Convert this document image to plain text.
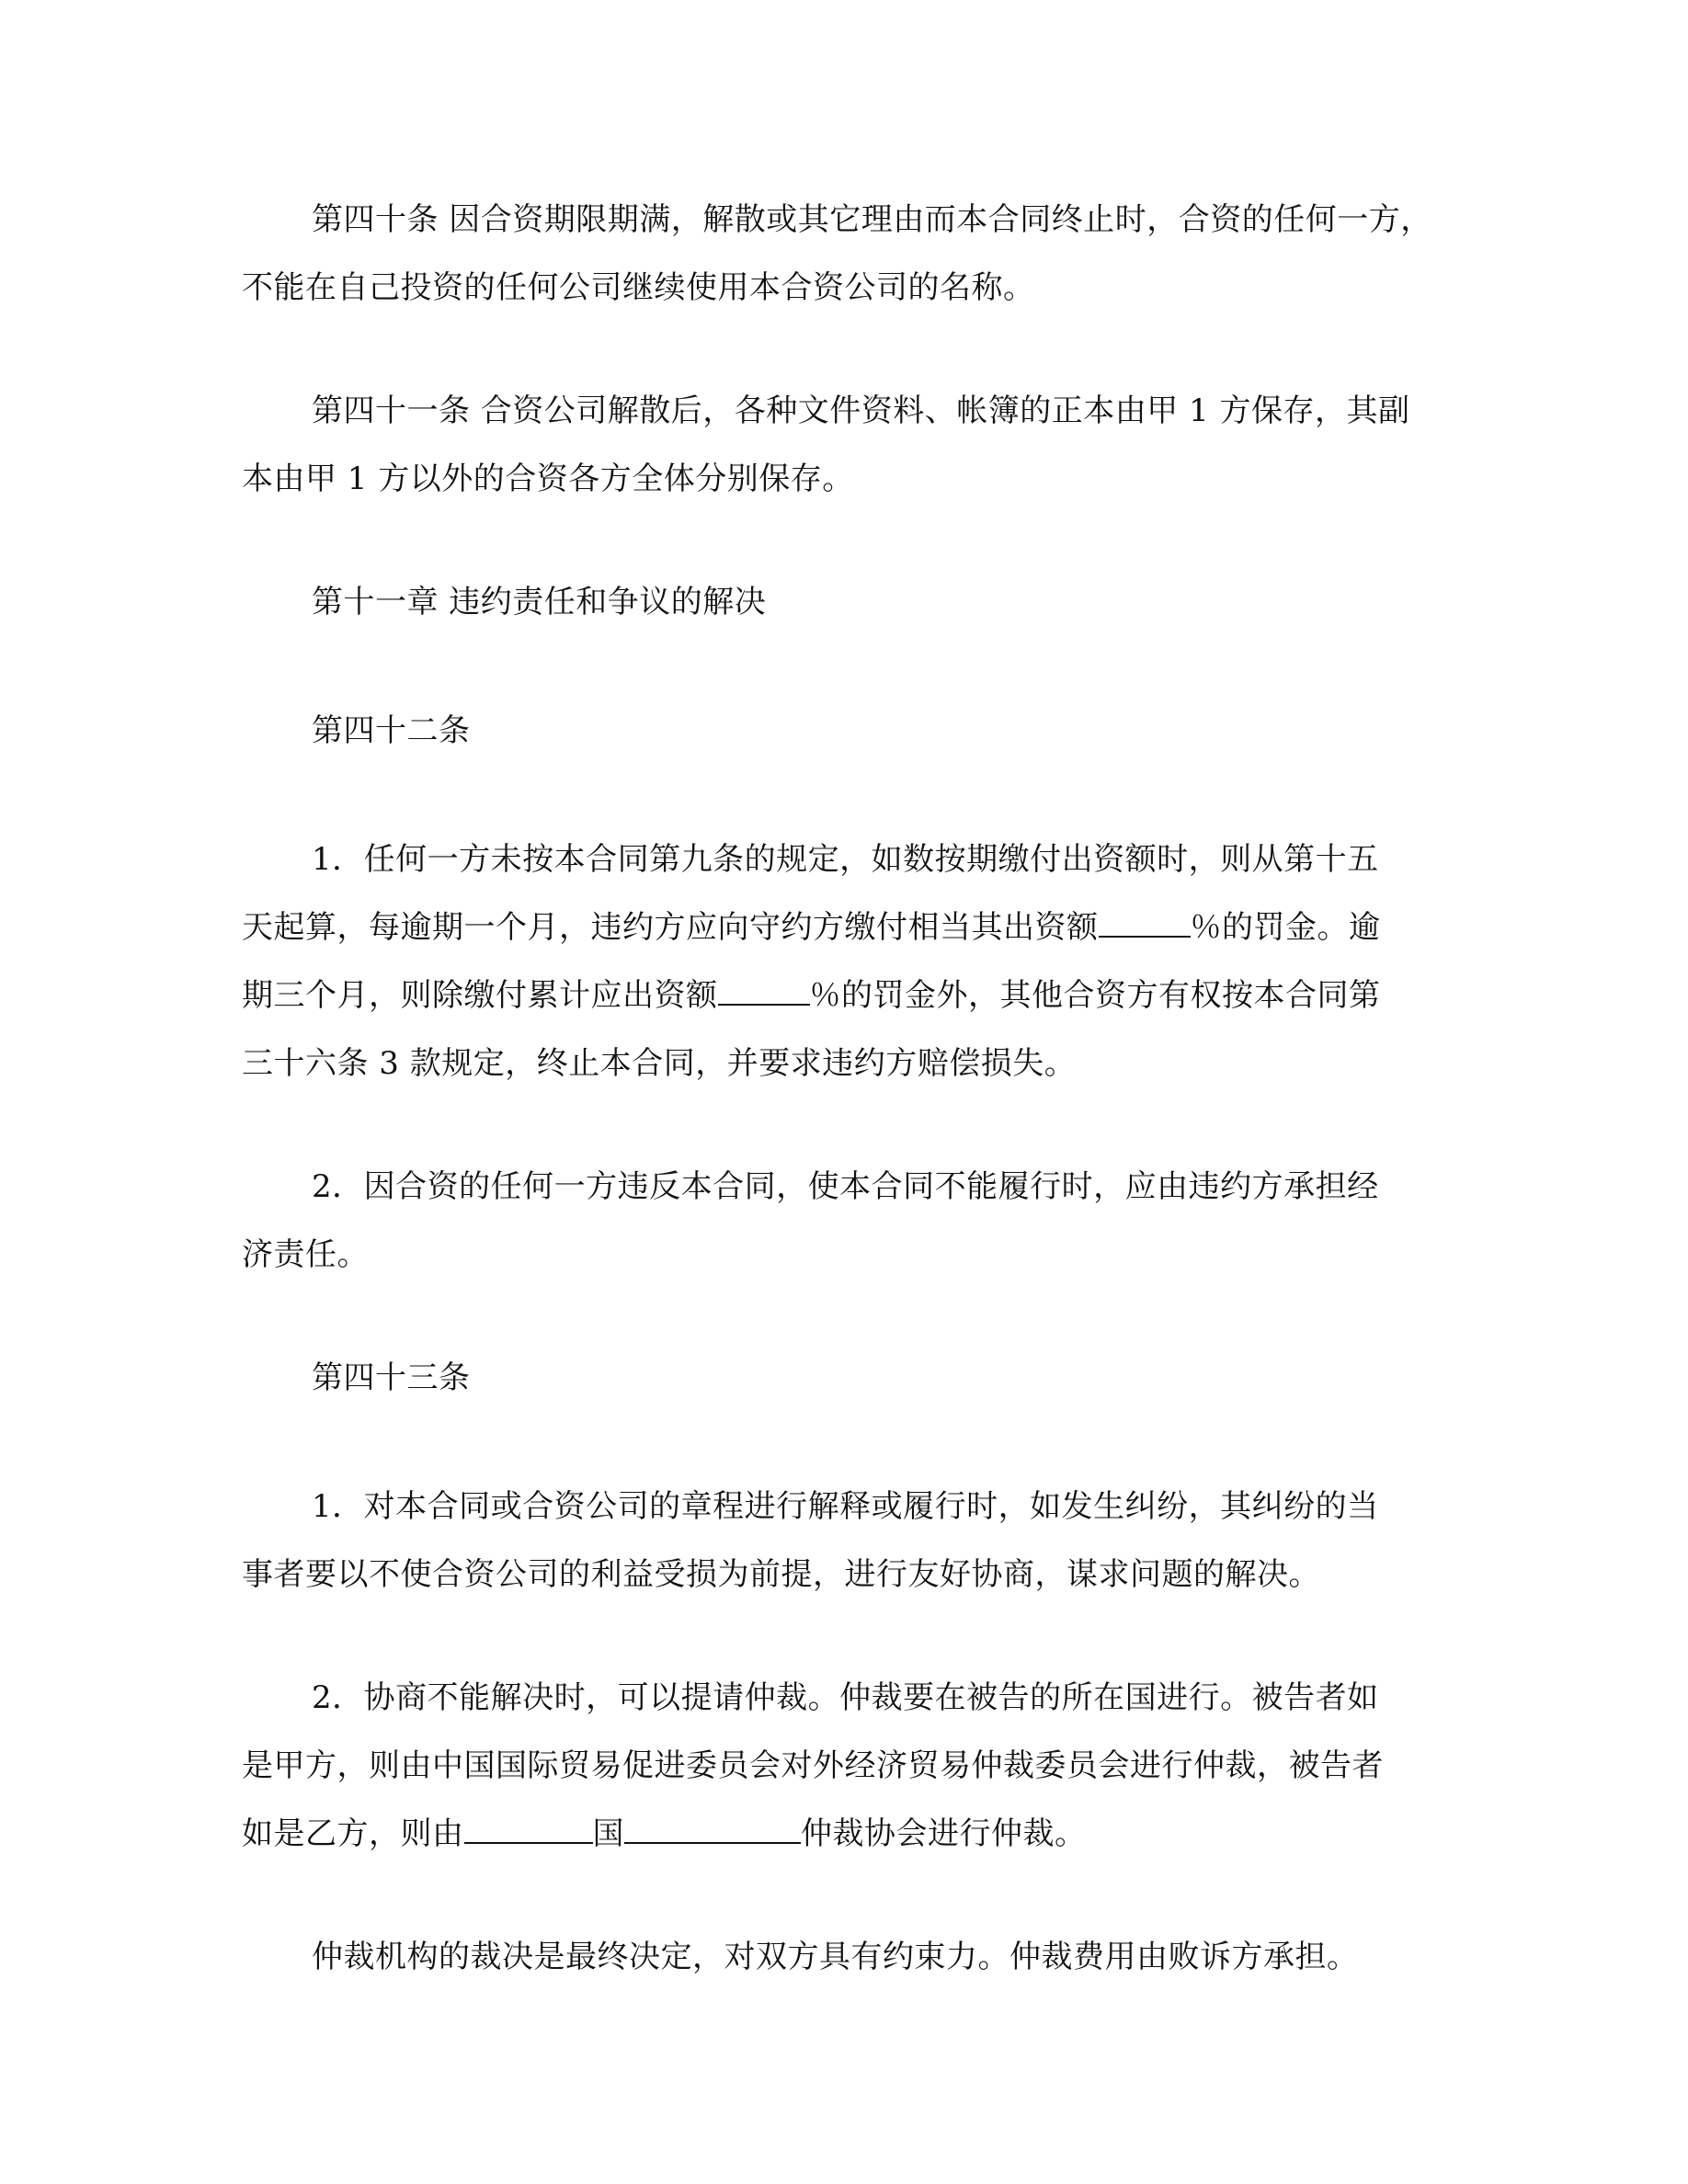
第四十条 因合资期限期满，解散或其它理由而本合同终止时，合资的任何一方，
不能在自己投资的任何公司继续使用本合资公司的名称。
第四十一条 合资公司解散后，各种文件资料、帐簿的正本由甲 1 方保存，其副
本由甲 1 方以外的合资各方全体分别保存。
第十一章 违约责任和争议的解决
第四十二条
1．任何一方未按本合同第九条的规定，如数按期缴付出资额时，则从第十五
天起算，每逾期一个月，违约方应向守约方缴付相当其出资额	％的罚金。逾
期三个月，则除缴付累计应出资额	％的罚金外，其他合资方有权按本合同第
三十六条 3 款规定，终止本合同，并要求违约方赔偿损失。
2．因合资的任何一方违反本合同，使本合同不能履行时，应由违约方承担经
济责任。
第四十三条
1．对本合同或合资公司的章程进行解释或履行时，如发生纠纷，其纠纷的当
事者要以不使合资公司的利益受损为前提，进行友好协商，谋求问题的解决。
2．协商不能解决时，可以提请仲裁。仲裁要在被告的所在国进行。被告者如
是甲方，则由中国国际贸易促进委员会对外经济贸易仲裁委员会进行仲裁，被告者
如是乙方，则由	国	仲裁协会进行仲裁。
仲裁机构的裁决是最终决定，对双方具有约束力。仲裁费用由败诉方承担。
